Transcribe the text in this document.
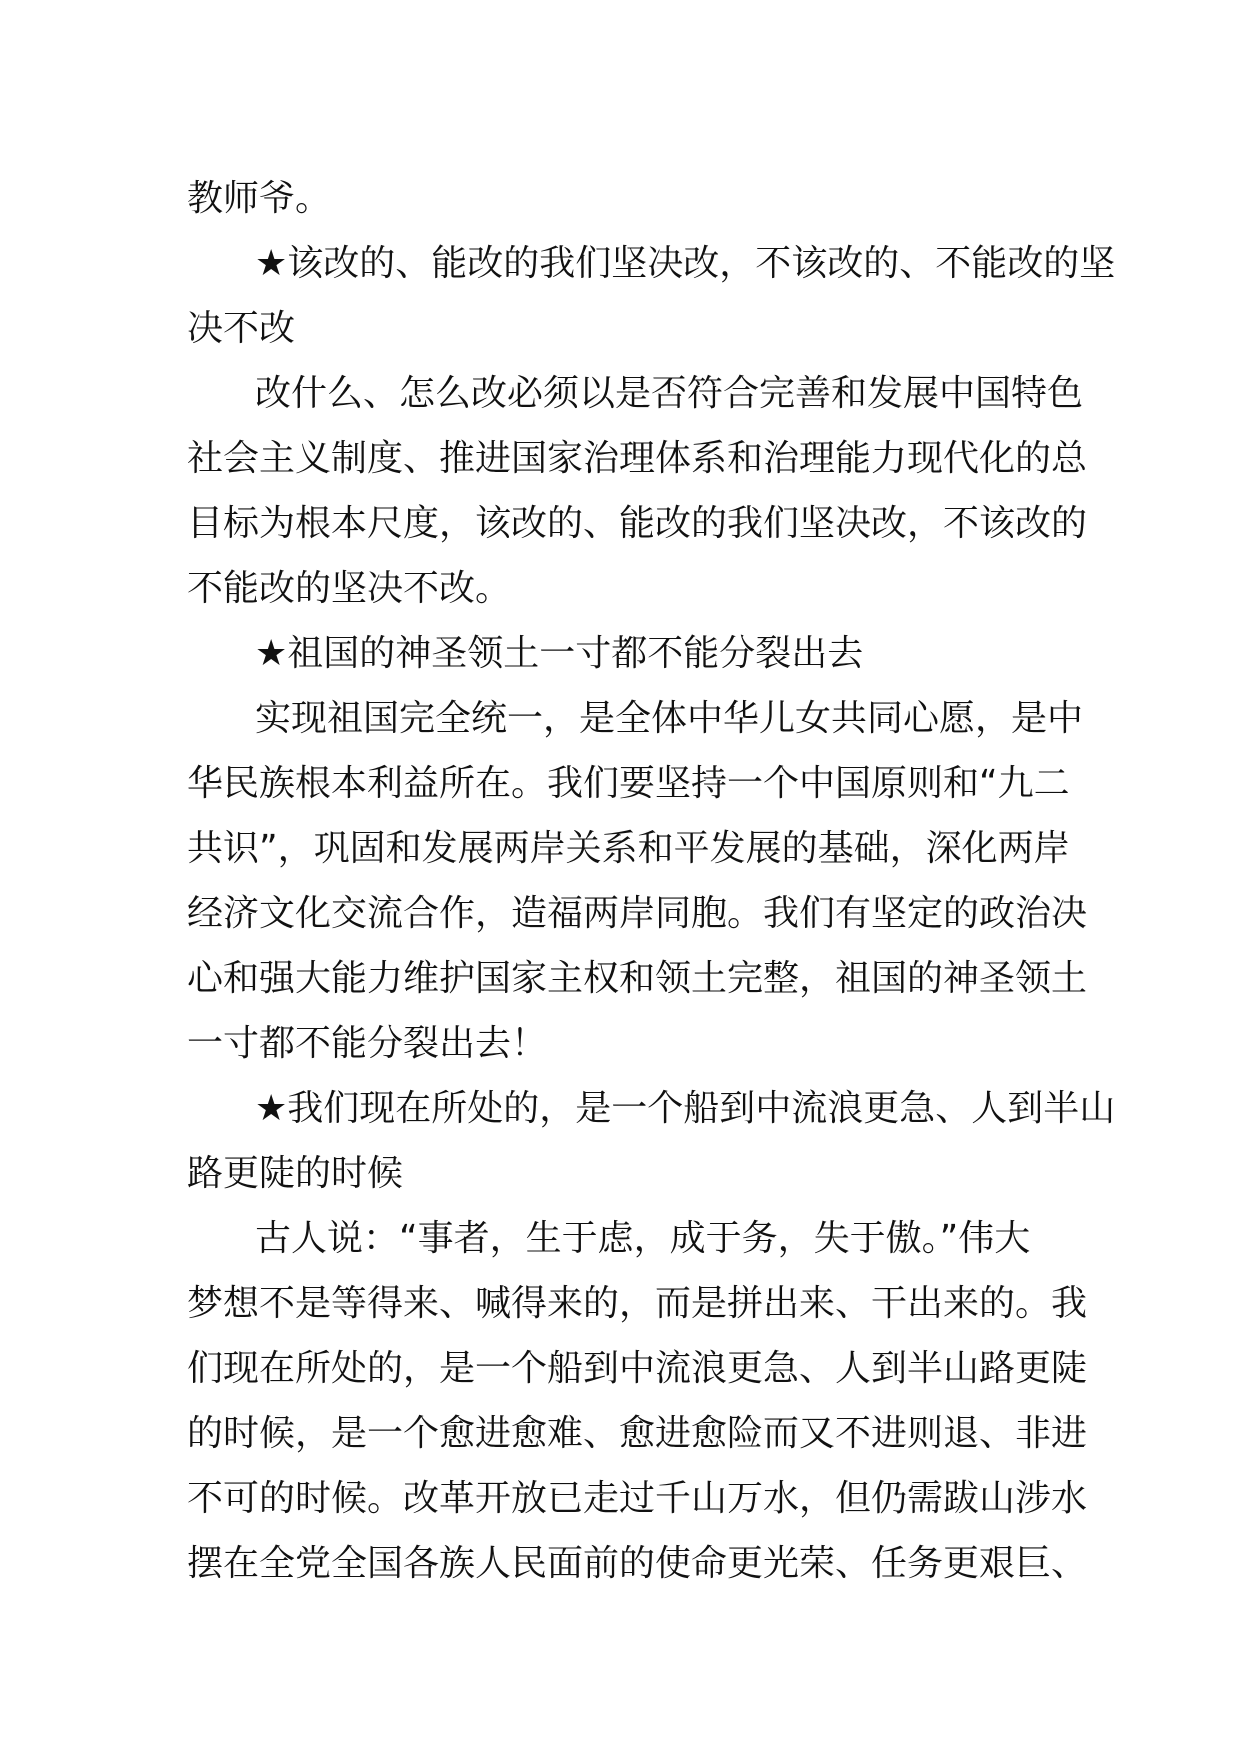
教师爷。
★该改的、能改的我们坚决改，不该改的、不能改的坚
决不改
改什么、怎么改必须以是否符合完善和发展中国特色
社会主义制度、推进国家治理体系和治理能力现代化的总
目标为根本尺度，该改的、能改的我们坚决改，不该改的
不能改的坚决不改。
★祖国的神圣领土一寸都不能分裂出去
实现祖国完全统一，是全体中华儿女共同心愿，是中
华民族根本利益所在。我们要坚持一个中国原则和“九二
共识”，巩固和发展两岸关系和平发展的基础，深化两岸
经济文化交流合作，造福两岸同胞。我们有坚定的政治决
心和强大能力维护国家主权和领土完整，祖国的神圣领土
一寸都不能分裂出去！
★我们现在所处的，是一个船到中流浪更急、人到半山
路更陡的时候
古人说：“事者，生于虑，成于务，失于傲。”伟大
梦想不是等得来、喊得来的，而是拼出来、干出来的。我
们现在所处的，是一个船到中流浪更急、人到半山路更陡
的时候，是一个愈进愈难、愈进愈险而又不进则退、非进
不可的时候。改革开放已走过千山万水，但仍需跋山涉水
摆在全党全国各族人民面前的使命更光荣、任务更艰巨、
